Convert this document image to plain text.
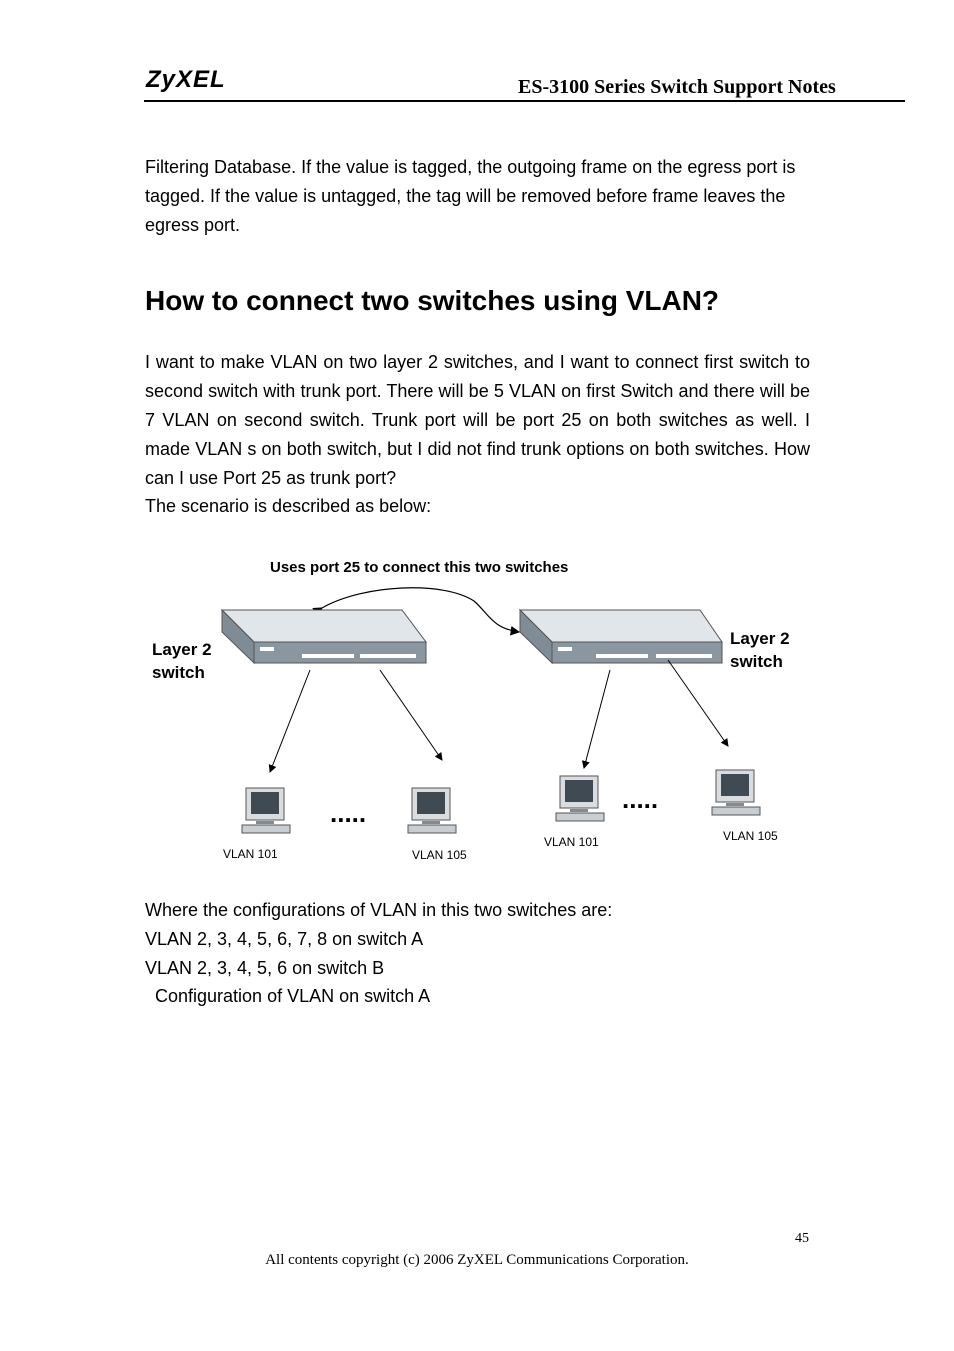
ZyXEL	ES-3100 Series Switch Support Notes

Filtering Database. If the value is tagged, the outgoing frame on the egress port is tagged. If the value is untagged, the tag will be removed before frame leaves the egress port.

How to connect two switches using VLAN?

I want to make VLAN on two layer 2 switches, and I want to connect first switch to second switch with trunk port. There will be 5 VLAN on first Switch and there will be 7 VLAN on second switch. Trunk port will be port 25 on both switches as well. I made VLAN s on both switch, but I did not find trunk options on both switches. How can I use Port 25 as trunk port?

The scenario is described as below:
Uses port 25 to connect this two switches
Layer 2
switch
Layer 2
switch
.....	.....
VLAN 101	VLAN 105
VLAN 101	VLAN 105
Where the configurations of VLAN in this two switches are:
VLAN 2, 3, 4, 5, 6, 7, 8 on switch A
VLAN 2, 3, 4, 5, 6 on switch B
Configuration of VLAN on switch A
45
All contents copyright (c) 2006 ZyXEL Communications Corporation.
